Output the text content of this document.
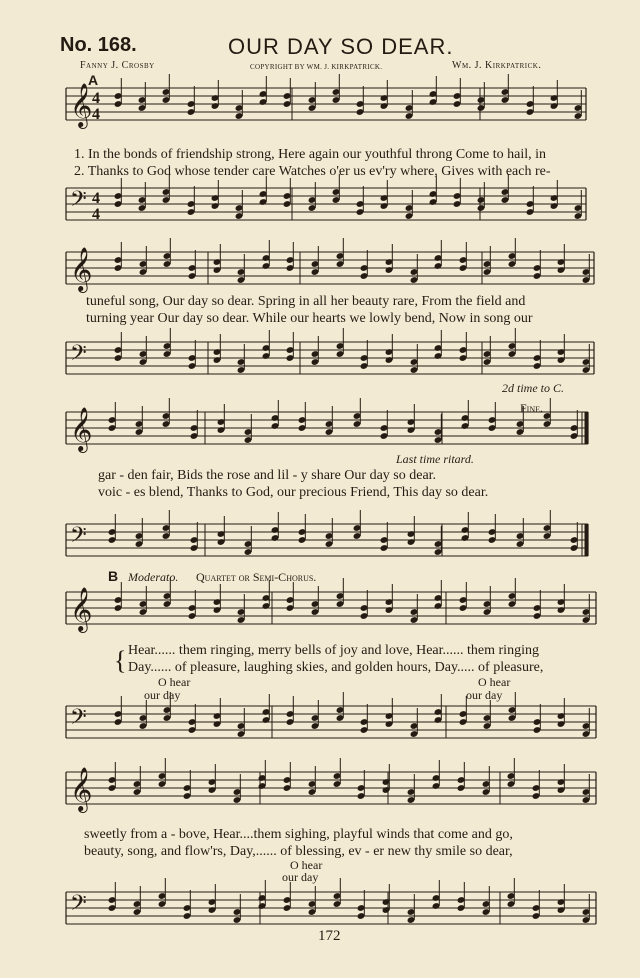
No. 168.	OUR DAY SO DEAR.
Fanny J. Crosby	COPYRIGHT BY WM. J. KIRKPATRICK.	Wm. J. Kirkpatrick.
𝄞
𝄢
𝄞
𝄢
𝄞
𝄢
𝄞
𝄢
𝄞
𝄢
4
4
4
4
A
1. In the bonds of friendship strong, Here again our youthful throng Come to hail, in
2. Thanks to God whose tender care Watches o'er us ev'ry where, Gives with each re-
tuneful song, Our day so dear. Spring in all her beauty rare, From the field and
turning year Our day so dear. While our hearts we lowly bend, Now in song our
2d time to C.
Fine.
Last time ritard.
gar - den fair, Bids the rose and lil - y share Our day so dear.
voic - es blend, Thanks to God, our precious Friend, This day so dear.
B Moderato. Quartet or Semi-Chorus.
{ Hear...... them ringing, merry bells of joy and love, Hear...... them ringing
Day...... of pleasure, laughing skies, and golden hours, Day..... of pleasure,
O hear
our day
O hear
our day
sweetly from a - bove, Hear....them sighing, playful winds that come and go,
beauty, song, and flow'rs, Day,...... of blessing, ev - er new thy smile so dear,
O hear
our day
172
